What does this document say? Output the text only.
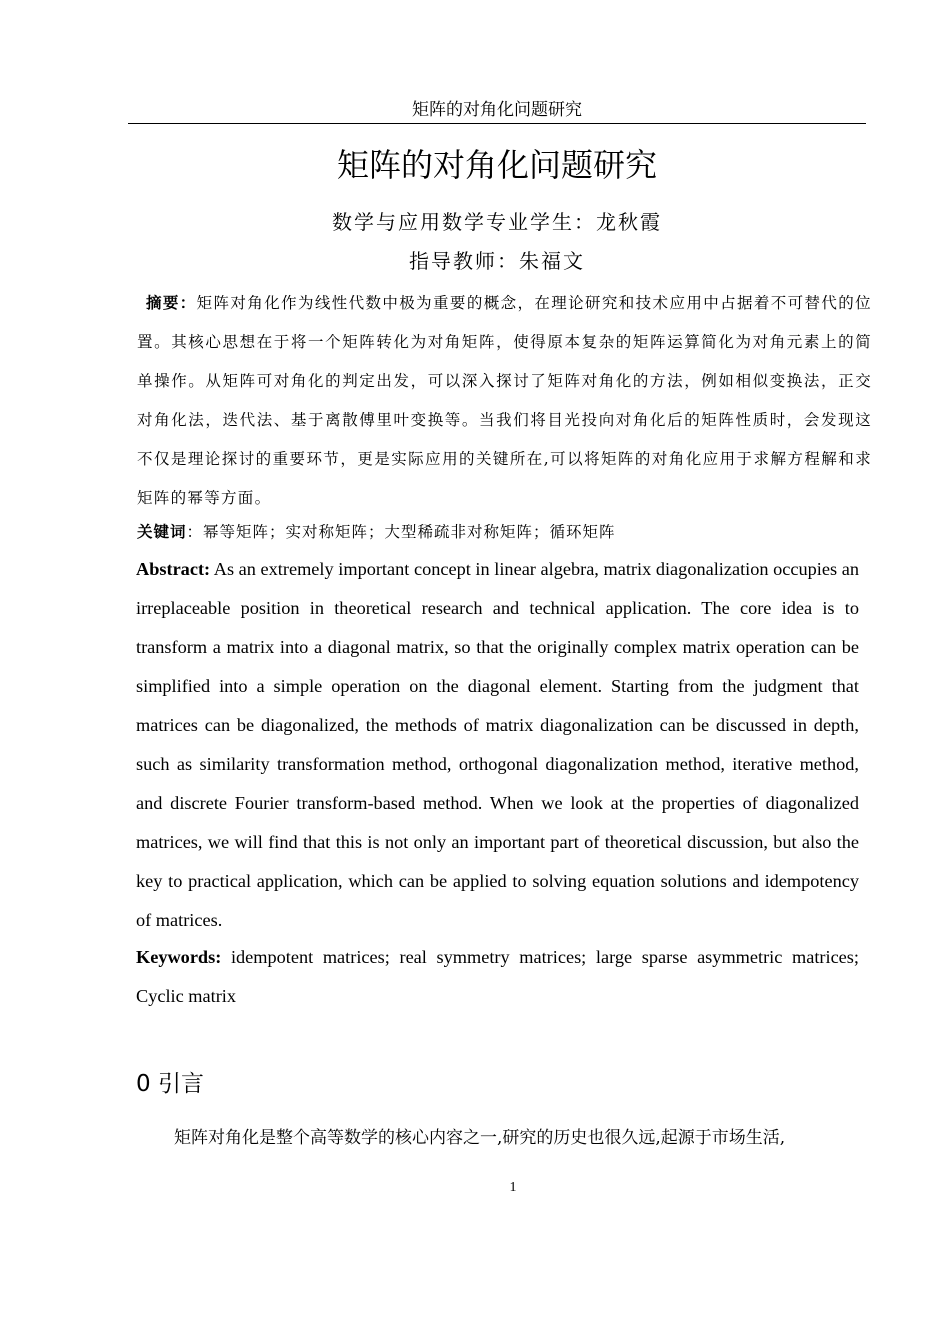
矩阵的对角化问题研究
矩阵的对角化问题研究
数学与应用数学专业学生：龙秋霞
指导教师：朱福文
摘要：矩阵对角化作为线性代数中极为重要的概念，在理论研究和技术应用中占据着不可替代的位置。其核心思想在于将一个矩阵转化为对角矩阵，使得原本复杂的矩阵运算简化为对角元素上的简单操作。从矩阵可对角化的判定出发，可以深入探讨了矩阵对角化的方法，例如相似变换法，正交对角化法，迭代法、基于离散傅里叶变换等。当我们将目光投向对角化后的矩阵性质时，会发现这不仅是理论探讨的重要环节，更是实际应用的关键所在,可以将矩阵的对角化应用于求解方程解和求矩阵的幂等方面。
关键词：幂等矩阵；实对称矩阵；大型稀疏非对称矩阵；循环矩阵
Abstract: As an extremely important concept in linear algebra, matrix diagonalization occupies an irreplaceable position in theoretical research and technical application. The core idea is to transform a matrix into a diagonal matrix, so that the originally complex matrix operation can be simplified into a simple operation on the diagonal element. Starting from the judgment that matrices can be diagonalized, the methods of matrix diagonalization can be discussed in depth, such as similarity transformation method, orthogonal diagonalization method, iterative method, and discrete Fourier transform-based method. When we look at the properties of diagonalized matrices, we will find that this is not only an important part of theoretical discussion, but also the key to practical application, which can be applied to solving equation solutions and idempotency of matrices.
Keywords: idempotent matrices; real symmetry matrices; large sparse asymmetric matrices; Cyclic matrix
0 引言
矩阵对角化是整个高等数学的核心内容之一,研究的历史也很久远,起源于市场生活,
1
